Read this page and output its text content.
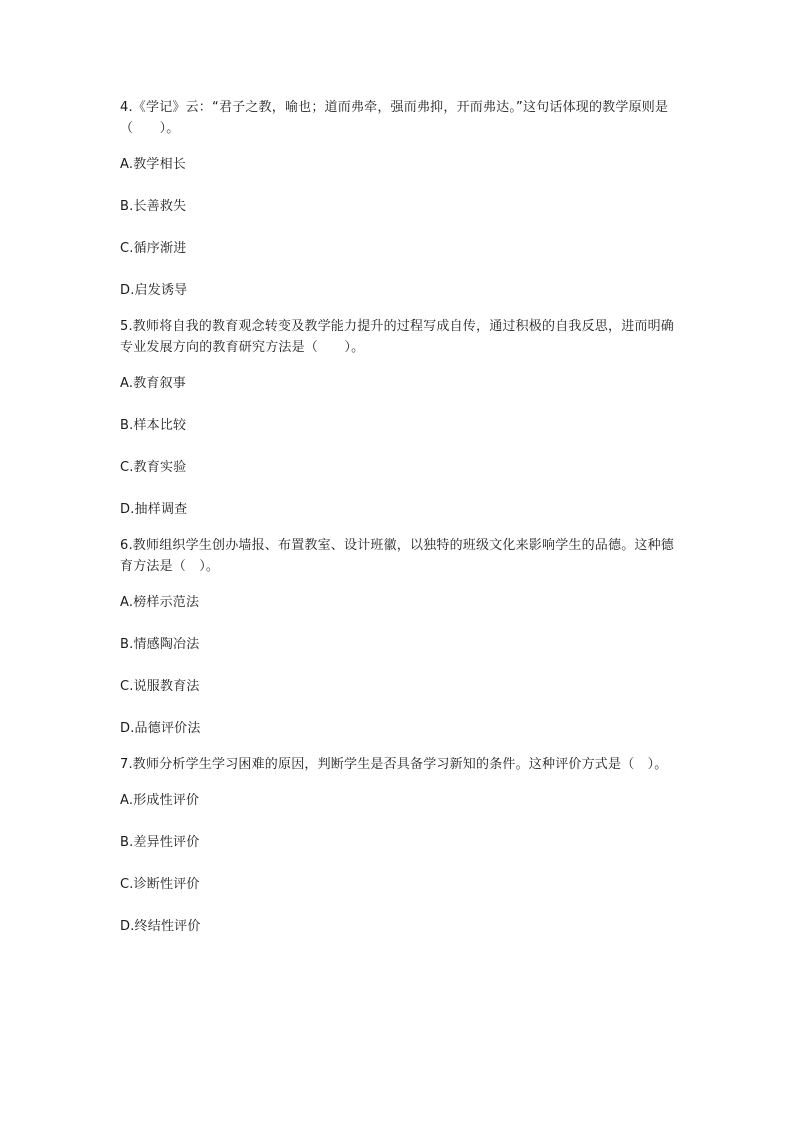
4.《学记》云：“君子之教，喻也；道而弗牵，强而弗抑，开而弗达。”这句话体现的教学原则是（　　）。

A.教学相长

B.长善救失

C.循序渐进

D.启发诱导

5.教师将自我的教育观念转变及教学能力提升的过程写成自传，通过积极的自我反思，进而明确专业发展方向的教育研究方法是（　　）。

A.教育叙事

B.样本比较

C.教育实验

D.抽样调查

6.教师组织学生创办墙报、布置教室、设计班徽，以独特的班级文化来影响学生的品德。这种德育方法是（　）。

A.榜样示范法

B.情感陶冶法

C.说服教育法

D.品德评价法

7.教师分析学生学习困难的原因，判断学生是否具备学习新知的条件。这种评价方式是（　）。

A.形成性评价

B.差异性评价

C.诊断性评价

D.终结性评价
